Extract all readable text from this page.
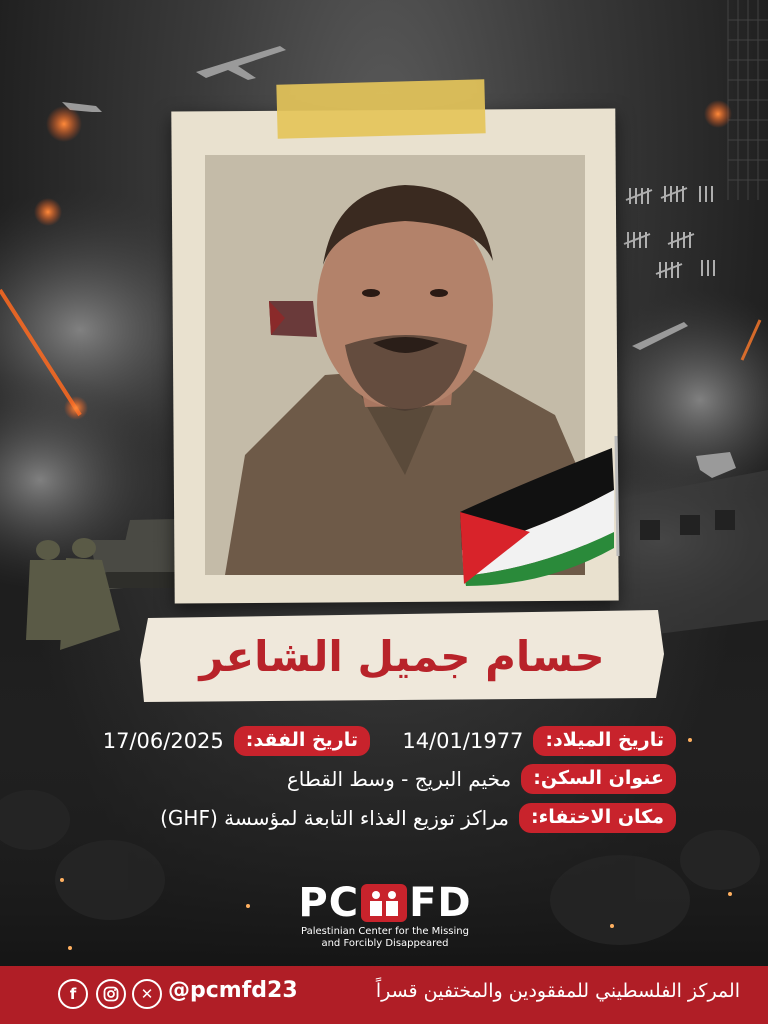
حسام جميل الشاعر
تاريخ الميلاد:
14/01/1977
تاريخ الفقد:
17/06/2025
عنوان السكن:
مخيم البريج - وسط القطاع
مكان الاختفاء:
مراكز توزيع الغذاء التابعة لمؤسسة (GHF)
PC FD
Palestinian Center for the Missing
and Forcibly Disappeared
f	✕ @pcmfd23	المركز الفلسطيني للمفقودين والمختفين قسراً
